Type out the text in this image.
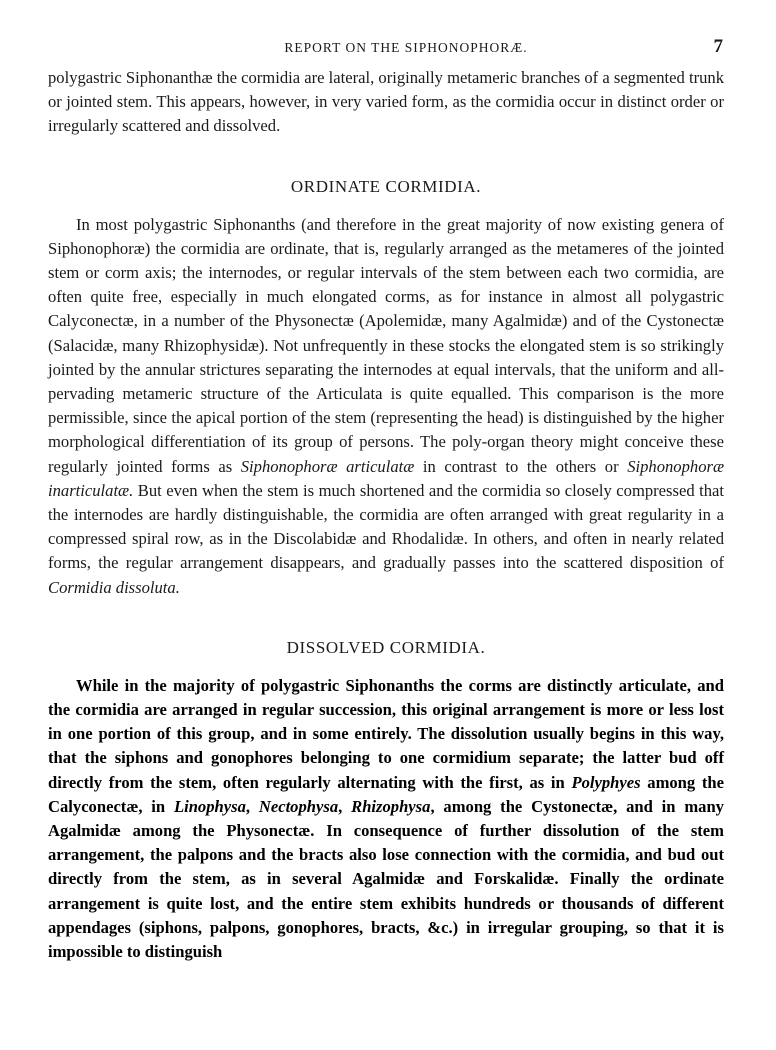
REPORT ON THE SIPHONOPHORÆ.	7

polygastric Siphonanthæ the cormidia are lateral, originally metameric branches of a segmented trunk or jointed stem. This appears, however, in very varied form, as the cormidia occur in distinct order or irregularly scattered and dissolved.

ORDINATE CORMIDIA.

In most polygastric Siphonanths (and therefore in the great majority of now existing genera of Siphonophoræ) the cormidia are ordinate, that is, regularly arranged as the metameres of the jointed stem or corm axis; the internodes, or regular intervals of the stem between each two cormidia, are often quite free, especially in much elongated corms, as for instance in almost all polygastric Calyconectæ, in a number of the Physonectæ (Apolemidæ, many Agalmidæ) and of the Cystonectæ (Salacidæ, many Rhizophysidæ). Not unfrequently in these stocks the elongated stem is so strikingly jointed by the annular strictures separating the internodes at equal intervals, that the uniform and all-pervading metameric structure of the Articulata is quite equalled. This comparison is the more permissible, since the apical portion of the stem (representing the head) is distinguished by the higher morphological differentiation of its group of persons. The poly-organ theory might conceive these regularly jointed forms as Siphonophoræ articulatæ in contrast to the others or Siphonophoræ inarticulatæ. But even when the stem is much shortened and the cormidia so closely compressed that the internodes are hardly distinguishable, the cormidia are often arranged with great regularity in a compressed spiral row, as in the Discolabidæ and Rhodalidæ. In others, and often in nearly related forms, the regular arrangement disappears, and gradually passes into the scattered disposition of Cormidia dissoluta.

DISSOLVED CORMIDIA.

While in the majority of polygastric Siphonanths the corms are distinctly articulate, and the cormidia are arranged in regular succession, this original arrangement is more or less lost in one portion of this group, and in some entirely. The dissolution usually begins in this way, that the siphons and gonophores belonging to one cormidium separate; the latter bud off directly from the stem, often regularly alternating with the first, as in Polyphyes among the Calyconectæ, in Linophysa, Nectophysa, Rhizophysa, among the Cystonectæ, and in many Agalmidæ among the Physonectæ. In consequence of further dissolution of the stem arrangement, the palpons and the bracts also lose connection with the cormidia, and bud out directly from the stem, as in several Agalmidæ and Forskalidæ. Finally the ordinate arrangement is quite lost, and the entire stem exhibits hundreds or thousands of different appendages (siphons, palpons, gonophores, bracts, &c.) in irregular grouping, so that it is impossible to distinguish
